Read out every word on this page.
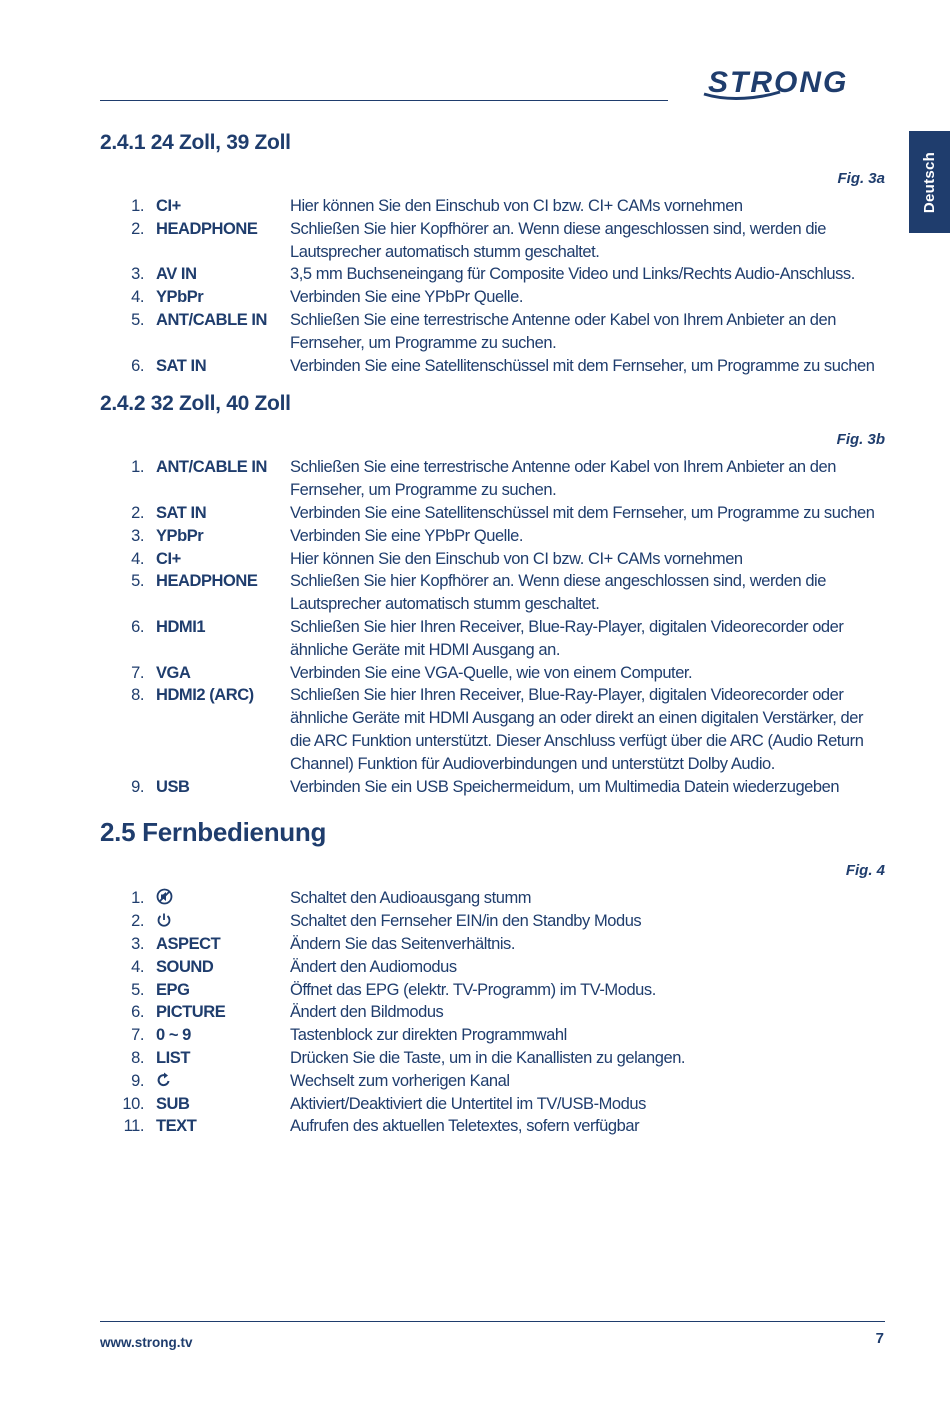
STRONG
Deutsch
2.4.1 24 Zoll, 39 Zoll
Fig. 3a
1. CI+	Hier können Sie den Einschub von CI bzw. CI+ CAMs vornehmen
2. HEADPHONE	Schließen Sie hier Kopfhörer an. Wenn diese angeschlossen sind, werden die Lautsprecher automatisch stumm geschaltet.
3. AV IN	3,5 mm Buchseneingang für Composite Video und Links/Rechts Audio-Anschluss.
4. YPbPr	Verbinden Sie eine YPbPr Quelle.
5. ANT/CABLE IN	Schließen Sie eine terrestrische Antenne oder Kabel von Ihrem Anbieter an den Fernseher, um Programme zu suchen.
6. SAT IN	Verbinden Sie eine Satellitenschüssel mit dem Fernseher, um Programme zu suchen
2.4.2 32 Zoll, 40 Zoll
Fig. 3b
1. ANT/CABLE IN	Schließen Sie eine terrestrische Antenne oder Kabel von Ihrem Anbieter an den Fernseher, um Programme zu suchen.
2. SAT IN	Verbinden Sie eine Satellitenschüssel mit dem Fernseher, um Programme zu suchen
3. YPbPr	Verbinden Sie eine YPbPr Quelle.
4. CI+	Hier können Sie den Einschub von CI bzw. CI+ CAMs vornehmen
5. HEADPHONE	Schließen Sie hier Kopfhörer an. Wenn diese angeschlossen sind, werden die Lautsprecher automatisch stumm geschaltet.
6. HDMI1	Schließen Sie hier Ihren Receiver, Blue-Ray-Player, digitalen Videorecorder oder ähnliche Geräte mit HDMI Ausgang an.
7. VGA	Verbinden Sie eine VGA-Quelle, wie von einem Computer.
8. HDMI2 (ARC)	Schließen Sie hier Ihren Receiver, Blue-Ray-Player, digitalen Videorecorder oder ähnliche Geräte mit HDMI Ausgang an oder direkt an einen digitalen Verstärker, der die ARC Funktion unterstützt. Dieser Anschluss verfügt über die ARC (Audio Return Channel) Funktion für Audioverbindungen und unterstützt Dolby Audio.
9. USB	Verbinden Sie ein USB Speichermeidum, um Multimedia Datein wiederzugeben
2.5 Fernbedienung
Fig. 4
1.	Schaltet den Audioausgang stumm
2.	Schaltet den Fernseher EIN/in den Standby Modus
3. ASPECT	Ändern Sie das Seitenverhältnis.
4. SOUND	Ändert den Audiomodus
5. EPG	Öffnet das EPG (elektr. TV-Programm) im TV-Modus.
6. PICTURE	Ändert den Bildmodus
7. 0 ~ 9	Tastenblock zur direkten Programmwahl
8. LIST	Drücken Sie die Taste, um in die Kanallisten zu gelangen.
9.	Wechselt zum vorherigen Kanal
10. SUB	Aktiviert/Deaktiviert die Untertitel im TV/USB-Modus
11. TEXT	Aufrufen des aktuellen Teletextes, sofern verfügbar
www.strong.tv	7
